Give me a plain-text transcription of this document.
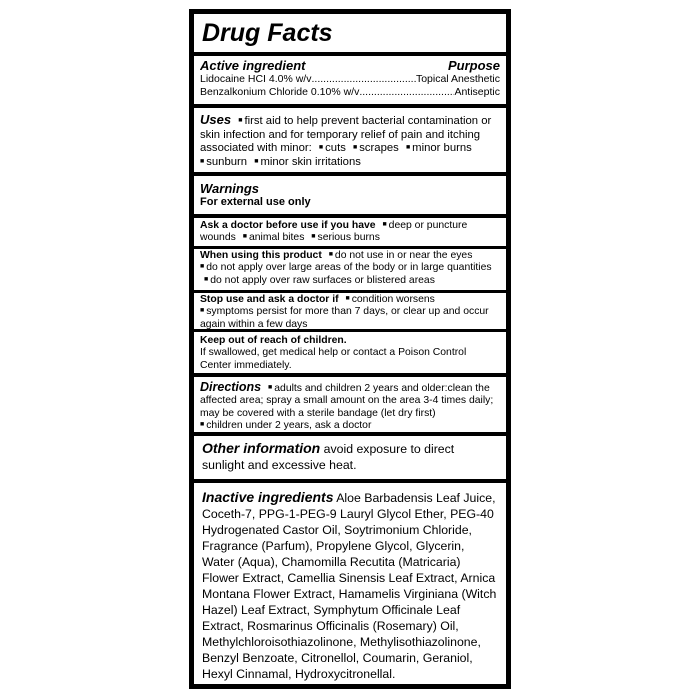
Drug Facts
Active ingredient	Purpose
Lidocaine HCI 4.0% w/v .....	Topical Anesthetic
Benzalkonium Chloride 0.10% w/v .....	Antiseptic
Uses ■ first aid to help prevent bacterial contamination or skin infection and for temporary relief of pain and itching associated with minor: ■ cuts ■ scrapes ■ minor burns ■ sunburn ■ minor skin irritations
Warnings
For external use only
Ask a doctor before use if you have ■ deep or puncture wounds ■ animal bites ■ serious burns
When using this product ■ do not use in or near the eyes
■ do not apply over large areas of the body or in large quantities ■ do not apply over raw surfaces or blistered areas
Stop use and ask a doctor if ■ condition worsens
■ symptoms persist for more than 7 days, or clear up and occur again within a few days
Keep out of reach of children.
If swallowed, get medical help or contact a Poison Control Center immediately.
Directions ■ adults and children 2 years and older:clean the affected area; spray a small amount on the area 3-4 times daily; may be covered with a sterile bandage (let dry first)
■ children under 2 years, ask a doctor
Other information avoid exposure to direct sunlight and excessive heat.
Inactive ingredients Aloe Barbadensis Leaf Juice, Coceth-7, PPG-1-PEG-9 Lauryl Glycol Ether, PEG-40 Hydrogenated Castor Oil, Soytrimonium Chloride, Fragrance (Parfum), Propylene Glycol, Glycerin, Water (Aqua), Chamomilla Recutita (Matricaria) Flower Extract, Camellia Sinensis Leaf Extract, Arnica Montana Flower Extract, Hamamelis Virginiana (Witch Hazel) Leaf Extract, Symphytum Officinale Leaf Extract, Rosmarinus Officinalis (Rosemary) Oil, Methylchloroisothiazolinone, Methylisothiazolinone, Benzyl Benzoate, Citronellol, Coumarin, Geraniol, Hexyl Cinnamal, Hydroxycitronellal.
